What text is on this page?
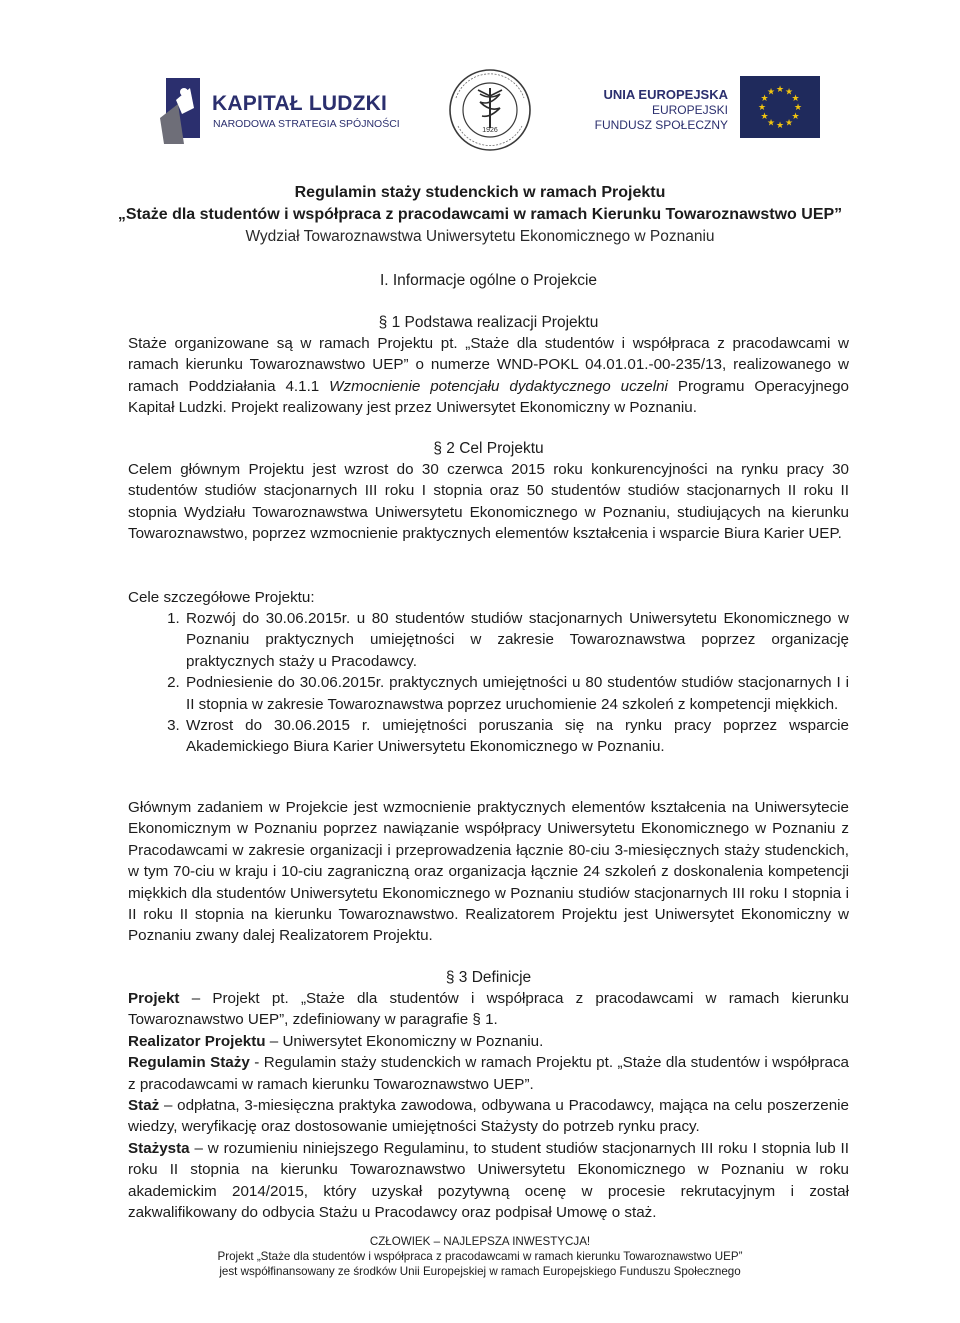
KAPITAŁ LUDZKI
NARODOWA STRATEGIA SPÓJNOŚCI
1926
UNIA EUROPEJSKA
EUROPEJSKI
FUNDUSZ SPOŁECZNY
★ ★
★
★
★
★
★
★
★
★
★
★
Regulamin staży studenckich w ramach Projektu
„Staże dla studentów i współpraca z pracodawcami w ramach Kierunku Towaroznawstwo UEP”
Wydział Towaroznawstwa Uniwersytetu Ekonomicznego w Poznaniu
I. Informacje ogólne o Projekcie
§ 1 Podstawa realizacji Projektu
Staże organizowane są w ramach Projektu pt. „Staże dla studentów i współpraca z pracodawcami w ramach kierunku Towaroznawstwo UEP” o numerze WND-POKL 04.01.01.-00-235/13, realizowanego w ramach Poddziałania 4.1.1 Wzmocnienie potencjału dydaktycznego uczelni Programu Operacyjnego Kapitał Ludzki. Projekt realizowany jest przez Uniwersytet Ekonomiczny w Poznaniu.
§ 2 Cel Projektu
Celem głównym Projektu jest wzrost do 30 czerwca 2015 roku konkurencyjności na rynku pracy 30 studentów studiów stacjonarnych III roku I stopnia oraz 50 studentów studiów stacjonarnych II roku II stopnia Wydziału Towaroznawstwa Uniwersytetu Ekonomicznego w Poznaniu, studiujących na kierunku Towaroznawstwo, poprzez wzmocnienie praktycznych elementów kształcenia i wsparcie Biura Karier UEP.
Cele szczegółowe Projektu:
1. Rozwój do 30.06.2015r. u 80 studentów studiów stacjonarnych Uniwersytetu Ekonomicznego w Poznaniu praktycznych umiejętności w zakresie Towaroznawstwa poprzez organizację praktycznych staży u Pracodawcy.
2. Podniesienie do 30.06.2015r. praktycznych umiejętności u 80 studentów studiów stacjonarnych I i II stopnia w zakresie Towaroznawstwa poprzez uruchomienie 24 szkoleń z kompetencji miękkich.
3. Wzrost do 30.06.2015 r. umiejętności poruszania się na rynku pracy poprzez wsparcie Akademickiego Biura Karier Uniwersytetu Ekonomicznego w Poznaniu.
Głównym zadaniem w Projekcie jest wzmocnienie praktycznych elementów kształcenia na Uniwersytecie Ekonomicznym w Poznaniu poprzez nawiązanie współpracy Uniwersytetu Ekonomicznego w Poznaniu z Pracodawcami w zakresie organizacji i przeprowadzenia łącznie 80-ciu 3-miesięcznych staży studenckich, w tym 70-ciu w kraju i 10-ciu zagraniczną oraz organizacja łącznie 24 szkoleń z doskonalenia kompetencji miękkich dla studentów Uniwersytetu Ekonomicznego w Poznaniu studiów stacjonarnych III roku I stopnia i II roku II stopnia na kierunku Towaroznawstwo. Realizatorem Projektu jest Uniwersytet Ekonomiczny w Poznaniu zwany dalej Realizatorem Projektu.
§ 3 Definicje

Projekt – Projekt pt. „Staże dla studentów i współpraca z pracodawcami w ramach kierunku Towaroznawstwo UEP”, zdefiniowany w paragrafie § 1.

Realizator Projektu – Uniwersytet Ekonomiczny w Poznaniu.

Regulamin Staży - Regulamin staży studenckich w ramach Projektu pt. „Staże dla studentów i współpraca z pracodawcami w ramach kierunku Towaroznawstwo UEP”.

Staż – odpłatna, 3-miesięczna praktyka zawodowa, odbywana u Pracodawcy, mająca na celu poszerzenie wiedzy, weryfikację oraz dostosowanie umiejętności Stażysty do potrzeb rynku pracy.

Stażysta – w rozumieniu niniejszego Regulaminu, to student studiów stacjonarnych III roku I stopnia lub II roku II stopnia na kierunku Towaroznawstwo Uniwersytetu Ekonomicznego w Poznaniu w roku akademickim 2014/2015, który uzyskał pozytywną ocenę w procesie rekrutacyjnym i został zakwalifikowany do odbycia Stażu u Pracodawcy oraz podpisał Umowę o staż.

CZŁOWIEK – NAJLEPSZA INWESTYCJA!
Projekt „Staże dla studentów i współpraca z pracodawcami w ramach kierunku Towaroznawstwo UEP”
jest współfinansowany ze środków Unii Europejskiej w ramach Europejskiego Funduszu Społecznego
